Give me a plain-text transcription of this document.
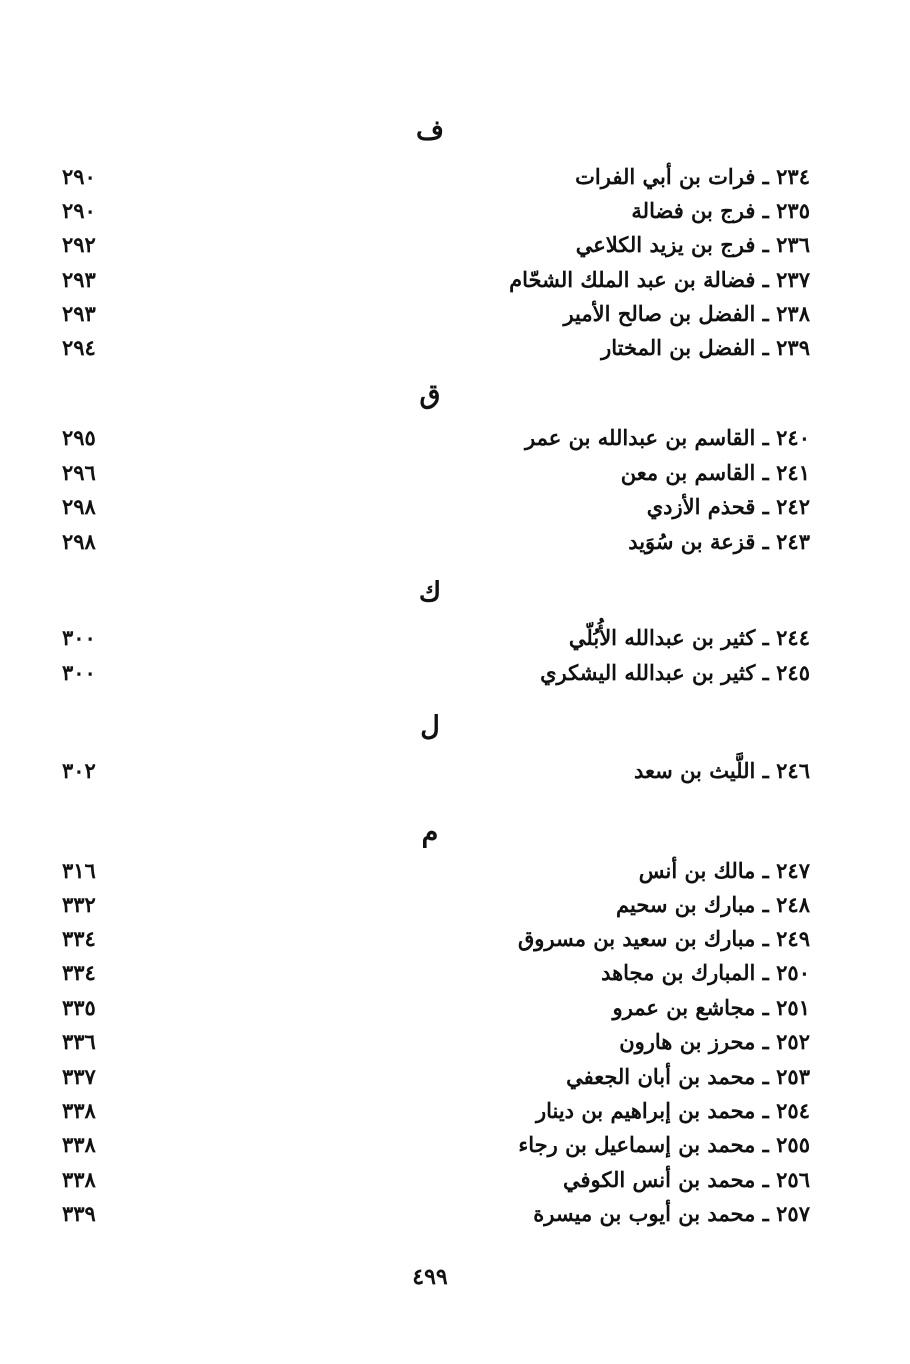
ف
٢٣٤ ـ فرات بن أبي الفرات
٢٩٠
٢٣٥ ـ فرج بن فضالة
٢٩٠
٢٣٦ ـ فرج بن يزيد الكلاعي
٢٩٢
٢٣٧ ـ فضالة بن عبد الملك الشحّام
٢٩٣
٢٣٨ ـ الفضل بن صالح الأمير
٢٩٣
٢٣٩ ـ الفضل بن المختار
٢٩٤
ق
٢٤٠ ـ القاسم بن عبدالله بن عمر
٢٩٥
٢٤١ ـ القاسم بن معن
٢٩٦
٢٤٢ ـ قحذم الأزدي
٢٩٨
٢٤٣ ـ قزعة بن سُوَيد
٢٩٨
ك
٢٤٤ ـ كثير بن عبدالله الأُبُلّي
٣٠٠
٢٤٥ ـ كثير بن عبدالله اليشكري
٣٠٠
ل
٢٤٦ ـ اللَّيث بن سعد
٣٠٢
م
٢٤٧ ـ مالك بن أنس
٣١٦
٢٤٨ ـ مبارك بن سحيم
٣٣٢
٢٤٩ ـ مبارك بن سعيد بن مسروق
٣٣٤
٢٥٠ ـ المبارك بن مجاهد
٣٣٤
٢٥١ ـ مجاشع بن عمرو
٣٣٥
٢٥٢ ـ محرز بن هارون
٣٣٦
٢٥٣ ـ محمد بن أبان الجعفي
٣٣٧
٢٥٤ ـ محمد بن إبراهيم بن دينار
٣٣٨
٢٥٥ ـ محمد بن إسماعيل بن رجاء
٣٣٨
٢٥٦ ـ محمد بن أنس الكوفي
٣٣٨
٢٥٧ ـ محمد بن أيوب بن ميسرة
٣٣٩
٤٩٩
